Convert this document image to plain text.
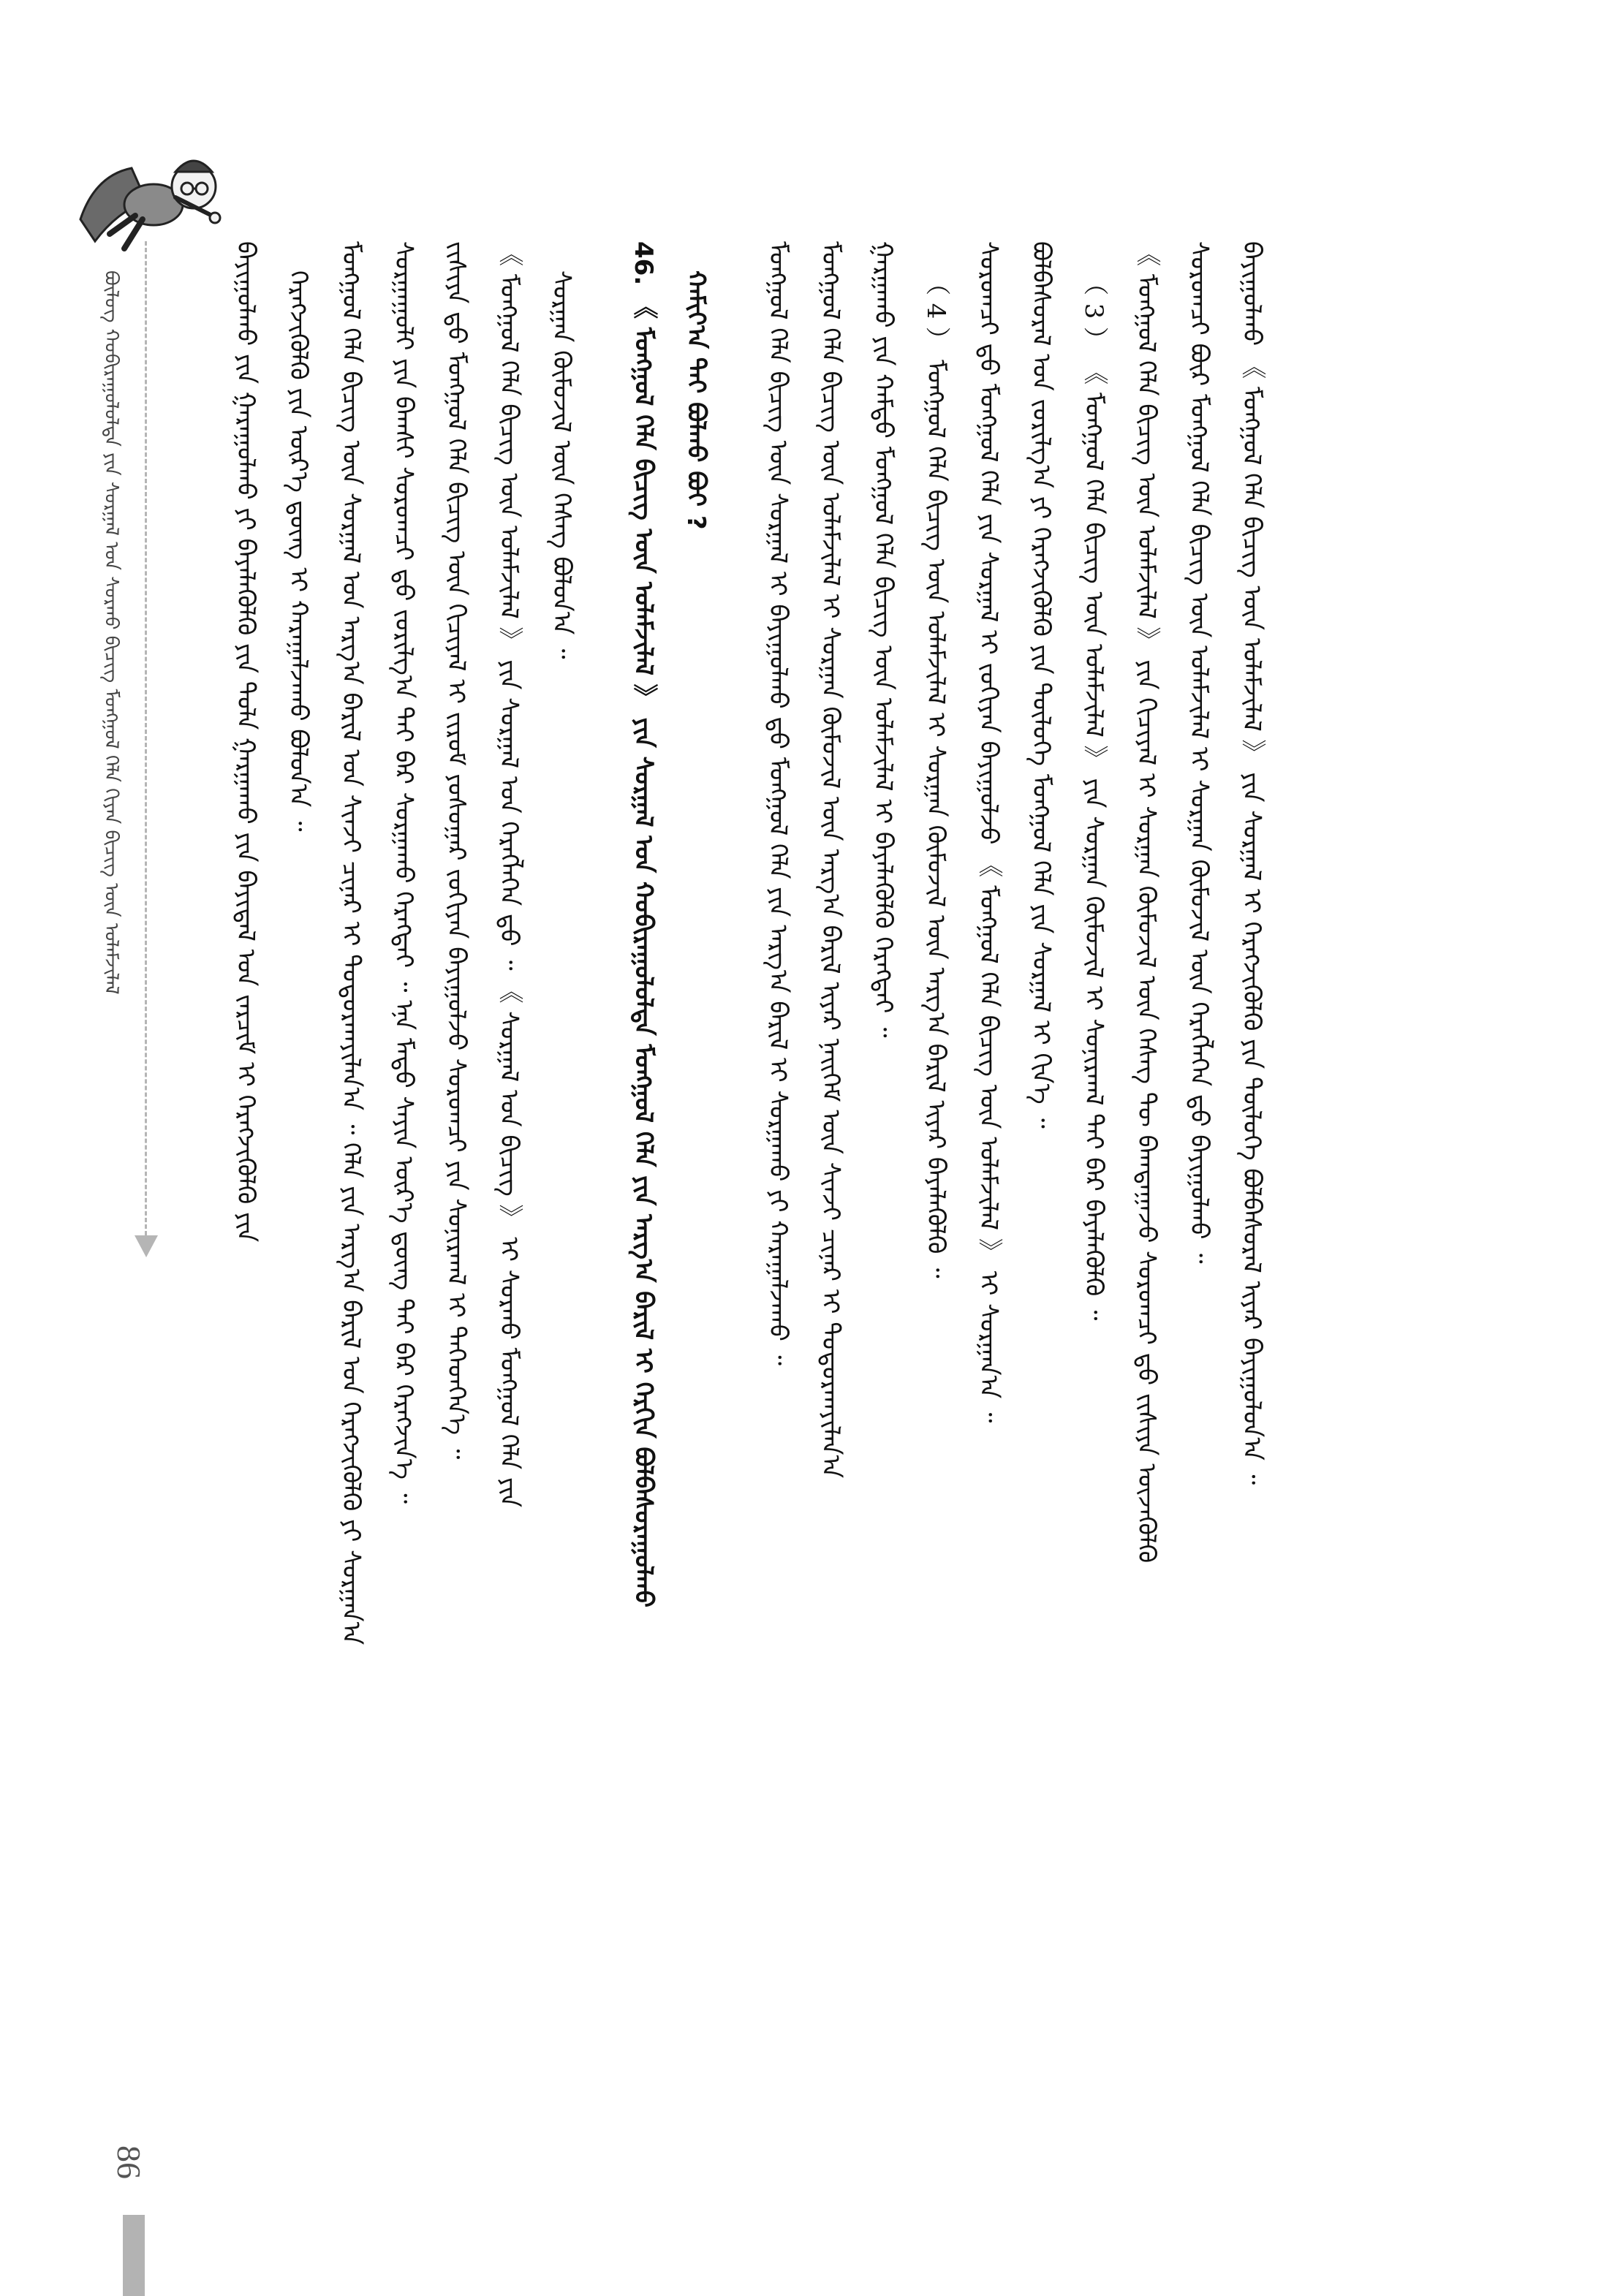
ᠪᠦᠯᠦᠭ ᠬᠤᠪᠢᠷᠠᠭᠤᠯᠤᠯᠲᠠ ᠶᠢᠨ ᠰᠤᠷᠭᠠᠯ ᠤᠨ ᠰᠤᠷᠬᠤ ᠪᠢᠴᠢᠭ᠌ ᠮᠣᠩᠭᠣᠯ ᠬᠡᠯᠡ ᠬᠢᠶᠠᠨ ᠪᠢᠴᠢᠭ᠌ ᠦᠨ ᠤᠯᠠᠮᠵᠢᠯᠠᠯ	ᠪᠠᠶᠢᠭᠤᠯᠬᠤ ᠶᠢᠨ ᠭᠠᠷᠠᠭᠤᠯᠬᠤ ᠶᠢ ᠪᠡᠶᠡᠯᠡᠭᠦᠯᠬᠦ ᠶᠢᠨ ᠳᠤᠯᠠ ᠭᠠᠷᠭᠠᠬᠤ ᠶᠢᠨ ᠪᠠᠶᠢᠳᠠᠯ ᠤᠨ ᠵᠠᠷᠴᠢᠮ ᠢ ᠬᠡᠷᠡᠭᠵᠢᠭᠦᠯᠬᠦ ᠶᠢᠨ ᠬᠡᠷᠡᠭᠵᠢᠭᠦᠯᠬᠦ ᠶᠢᠨ ᠦᠷ᠎ᠡ ᠳ᠋ᠦᠩ ᠢ ᠬᠠᠷᠠᠭᠠᠯᠵᠠᠬᠤ ᠪᠣᠯᠤᠨ᠎ᠠ ᠃ ᠮᠣᠩᠭᠣᠯ ᠬᠡᠯᠡ ᠪᠢᠴᠢᠭ᠌ ᠦᠨ ᠰᠤᠷᠭᠠᠯ ᠤᠨ ᠠᠷᠭ᠎ᠠ ᠪᠠᠷᠢᠯ ᠤᠨ ᠰᠢᠨᠵᠢ ᠴᠢᠨᠠᠷ ᠢ ᠲᠣᠳᠣᠷᠬᠠᠶᠢᠯᠠᠨ᠎ᠠ ᠃ ᠬᠡᠯᠡ ᠶᠢᠨ ᠠᠷᠭ᠎ᠠ ᠪᠠᠷᠢᠯ ᠤᠨ ᠬᠡᠷᠡᠭᠵᠢᠭᠦᠯᠬᠦ ᠶᠢ ᠰᠤᠷᠭᠠᠨ᠎ᠠ ᠰᠤᠷᠭᠠᠭᠤᠯᠢ ᠶᠢᠨ ᠪᠠᠭᠰᠢ ᠰᠤᠷᠤᠭᠴᠢ ᠳ᠋ᠤ ᠵᠣᠷᠢᠯᠭ᠎ᠠ ᠲᠠᠢ ᠪᠠᠷ ᠰᠤᠷᠭᠠᠬᠤ ᠬᠡᠷᠡᠭᠲᠡᠢ ᠃ ᠡᠨᠡ ᠮᠠᠲᠤ ᠰᠠᠶᠢᠨ ᠦᠷ᠎ᠡ ᠳ᠋ᠦᠩ ᠲᠠᠢ ᠪᠠᠷ ᠬᠡᠷᠡᠭᠵᠢᠨ᠎ᠡ ᠃ ᠵᠢᠱᠢᠶᠡ ᠳ᠋ᠦ ᠮᠣᠩᠭᠣᠯ ᠬᠡᠯᠡ ᠪᠢᠴᠢᠭ᠌ ᠦᠨ ᠬᠢᠴᠢᠶᠡᠯ ᠢ ᠵᠢᠷᠤᠮ ᠶᠣᠰᠣᠭᠠᠷ ᠵᠣᠬᠢᠶᠠᠨ ᠪᠠᠶᠢᠭᠤᠯᠵᠤ ᠰᠤᠷᠤᠭᠴᠢ ᠶᠢᠨ ᠰᠣᠨᠢᠷᠬᠠᠯ ᠢ ᠳᠡᠭᠡᠳᠭᠡᠨ᠎ᠡ ᠃ 《 ᠮᠣᠩᠭᠣᠯ ᠬᠡᠯᠡ ᠪᠢᠴᠢᠭ᠌ ᠦᠨ ᠤᠯᠠᠮᠵᠢᠯᠠᠯ 》 ᠶᠢᠨ ᠰᠤᠷᠭᠠᠯ ᠤᠨ ᠬᠡᠷᠡᠭᠯᠡᠭᠡᠨ ᠳ᠋ᠦ ᠃ 《 ᠰᠤᠷᠭᠠᠯ ᠤᠨ ᠪᠢᠴᠢᠭ᠌ 》 ᠢ ᠰᠤᠷᠬᠤ ᠮᠣᠩᠭᠣᠯ ᠬᠡᠯᠡ ᠶᠢᠨ ᠰᠤᠷᠭᠠᠨ ᠬᠦᠮᠦᠵᠢᠯ ᠦᠨ ᠬᠡᠰᠡᠭ ᠪᠣᠯᠤᠨ᠎ᠠ ᠃	46. 《 ᠮᠣᠩᠭᠣᠯ ᠬᠡᠯᠡ ᠪᠢᠴᠢᠭ᠌ ᠦᠨ ᠤᠯᠠᠮᠵᠢᠯᠠᠯ 》 ᠶᠢᠨ ᠰᠤᠷᠭᠠᠯ ᠤᠨ ᠬᠤᠪᠢᠷᠠᠭᠤᠯᠤᠯᠲᠠ ᠮᠣᠩᠭᠣᠯ ᠬᠡᠯᠡ ᠶᠢᠨ ᠠᠷᠭ᠎ᠠ ᠪᠠᠷᠢᠯ ᠢ ᠬᠡᠷᠬᠢᠨ ᠪᠣᠯᠪᠠᠰᠤᠷᠠᠭᠤᠯᠬᠤ ᠬᠠᠮᠢᠶ᠎ᠠ ᠲᠠᠢ ᠪᠣᠯᠬᠤ ᠪᠤᠢ ?	ᠮᠣᠩᠭᠣᠯ ᠬᠡᠯᠡ ᠪᠢᠴᠢᠭ᠌ ᠦᠨ ᠰᠤᠷᠭᠠᠯ ᠢ ᠪᠠᠶᠢᠭᠤᠯᠬᠤ ᠳ᠋ᠤ ᠮᠣᠩᠭᠣᠯ ᠬᠡᠯᠡ ᠶᠢᠨ ᠠᠷᠭ᠎ᠠ ᠪᠠᠷᠢᠯ ᠢ ᠰᠤᠷᠭᠠᠬᠤ ᠶᠢ ᠬᠠᠷᠠᠭᠠᠯᠵᠠᠬᠤ ᠃ ᠮᠣᠩᠭᠣᠯ ᠬᠡᠯᠡ ᠪᠢᠴᠢᠭ᠌ ᠦᠨ ᠤᠯᠠᠮᠵᠢᠯᠠᠯ ᠢ ᠰᠤᠷᠭᠠᠨ ᠬᠦᠮᠦᠵᠢᠯ ᠦᠨ ᠠᠷᠭ᠎ᠠ ᠪᠠᠷᠢᠯ ᠢᠶᠠᠷ ᠨᠡᠢᠭᠡᠮ ᠦᠨ ᠰᠢᠨᠵᠢ ᠴᠢᠨᠠᠷ ᠢ ᠲᠣᠳᠣᠷᠬᠠᠶᠢᠯᠠᠨ᠎ᠠ ᠭᠠᠷᠭᠠᠬᠤ ᠶᠢᠨ ᠬᠠᠮᠲᠤ ᠮᠣᠩᠭᠣᠯ ᠬᠡᠯᠡ ᠪᠢᠴᠢᠭ᠌ ᠦᠨ ᠤᠯᠠᠮᠵᠢᠯᠠᠯ ᠢ ᠪᠡᠶᠡᠯᠡᠭᠦᠯᠬᠦ ᠬᠡᠷᠡᠭᠲᠡᠢ ᠃ （ 4 ） ᠮᠣᠩᠭᠣᠯ ᠬᠡᠯᠡ ᠪᠢᠴᠢᠭ᠌ ᠦᠨ ᠤᠯᠠᠮᠵᠢᠯᠠᠯ ᠢ ᠰᠤᠷᠭᠠᠨ ᠬᠦᠮᠦᠵᠢᠯ ᠦᠨ ᠠᠷᠭ᠎ᠠ ᠪᠠᠷᠢᠯ ᠢᠶᠠᠷ ᠪᠡᠶᠡᠯᠡᠭᠦᠯᠬᠦ ᠃ ᠰᠤᠷᠤᠭᠴᠢ ᠳ᠋ᠤ ᠮᠣᠩᠭᠣᠯ ᠬᠡᠯᠡ ᠶᠢᠨ ᠰᠤᠷᠭᠠᠯ ᠢ ᠵᠣᠬᠢᠶᠠᠨ ᠪᠠᠶᠢᠭᠤᠯᠵᠤ 《 ᠮᠣᠩᠭᠣᠯ ᠬᠡᠯᠡ ᠪᠢᠴᠢᠭ᠌ ᠦᠨ ᠤᠯᠠᠮᠵᠢᠯᠠᠯ 》 ᠢ ᠰᠤᠷᠭᠠᠨ᠎ᠠ ᠃ ᠪᠣᠯᠪᠠᠰᠤᠷᠠᠯ ᠤᠨ ᠵᠣᠷᠢᠯᠭ᠎ᠠ ᠶᠢ ᠬᠡᠷᠡᠭᠵᠢᠭᠦᠯᠬᠦ ᠶᠢᠨ ᠲᠥᠯᠦᠭᠡ ᠮᠣᠩᠭᠣᠯ ᠬᠡᠯᠡ ᠶᠢᠨ ᠰᠤᠷᠭᠠᠯ ᠢ ᠬᠢᠨ᠎ᠡ ᠃ （ 3 ） 《 ᠮᠣᠩᠭᠣᠯ ᠬᠡᠯᠡ ᠪᠢᠴᠢᠭ᠌ ᠦᠨ ᠤᠯᠠᠮᠵᠢᠯᠠᠯ 》 ᠶᠢᠨ ᠰᠤᠷᠭᠠᠨ ᠬᠦᠮᠦᠵᠢᠯ ᠢ ᠰᠣᠨᠢᠷᠬᠠᠯ ᠲᠠᠢ ᠪᠠᠷ ᠪᠡᠶᠡᠯᠡᠭᠦᠯᠬᠦ ᠃ 《 ᠮᠣᠩᠭᠣᠯ ᠬᠡᠯᠡ ᠪᠢᠴᠢᠭ᠌ ᠦᠨ ᠤᠯᠠᠮᠵᠢᠯᠠᠯ 》 ᠶᠢᠨ ᠬᠢᠴᠢᠶᠡᠯ ᠢ ᠰᠤᠷᠭᠠᠨ ᠬᠦᠮᠦᠵᠢᠯ ᠦᠨ ᠬᠡᠰᠡᠭ ᠲᠦ ᠪᠠᠭᠲᠠᠭᠠᠵᠤ ᠰᠤᠷᠤᠭᠴᠢ ᠳ᠋ᠤ ᠵᠢᠱᠢᠶᠡ ᠦᠵᠡᠭᠦᠯᠬᠦ ᠰᠤᠷᠤᠭᠴᠢ ᠪᠦᠷ ᠮᠣᠩᠭᠣᠯ ᠬᠡᠯᠡ ᠪᠢᠴᠢᠭ᠌ ᠦᠨ ᠤᠯᠠᠮᠵᠢᠯᠠᠯ ᠢ ᠰᠤᠷᠭᠠᠨ ᠬᠦᠮᠦᠵᠢᠯ ᠦᠨ ᠬᠡᠷᠡᠭᠯᠡᠭᠡᠨ ᠳ᠋ᠦ ᠪᠠᠶᠢᠭᠤᠯᠬᠤ ᠃ ᠪᠠᠶᠢᠭᠤᠯᠬᠤ 《 ᠮᠣᠩᠭᠣᠯ ᠬᠡᠯᠡ ᠪᠢᠴᠢᠭ᠌ ᠦᠨ ᠤᠯᠠᠮᠵᠢᠯᠠᠯ 》 ᠶᠢᠨ ᠰᠤᠷᠭᠠᠯ ᠢ ᠬᠡᠷᠡᠭᠵᠢᠭᠦᠯᠬᠦ ᠶᠢᠨ ᠲᠥᠯᠦᠭᠡ ᠪᠣᠯᠪᠠᠰᠤᠷᠠᠯ ᠢᠶᠠᠷ ᠪᠠᠶᠢᠭᠤᠯᠤᠨ᠎ᠠ ᠃
86
